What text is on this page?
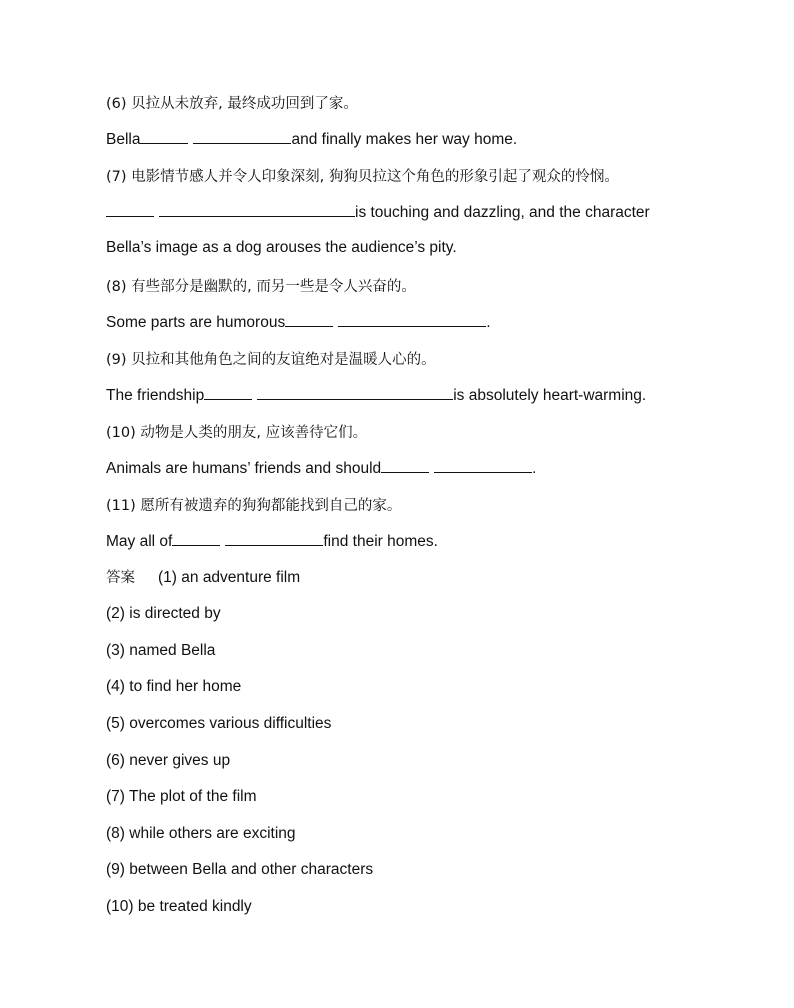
(6) 贝拉从未放弃, 最终成功回到了家。
Bella	and finally makes her way home.
(7) 电影情节感人并令人印象深刻, 狗狗贝拉这个角色的形象引起了观众的怜悯。
is touching and dazzling, and the character
Bella’s image as a dog arouses the audience’s pity.
(8) 有些部分是幽默的, 而另一些是令人兴奋的。
Some parts are humorous	.
(9) 贝拉和其他角色之间的友谊绝对是温暖人心的。
The friendship	is absolutely heart-warming.
(10) 动物是人类的朋友, 应该善待它们。
Animals are humans’ friends and should	.
(11) 愿所有被遗弃的狗狗都能找到自己的家。
May all of	find their homes.
答案 (1) an adventure film
(2) is directed by
(3) named Bella
(4) to find her home
(5) overcomes various difficulties
(6) never gives up
(7) The plot of the film
(8) while others are exciting
(9) between Bella and other characters
(10) be treated kindly
